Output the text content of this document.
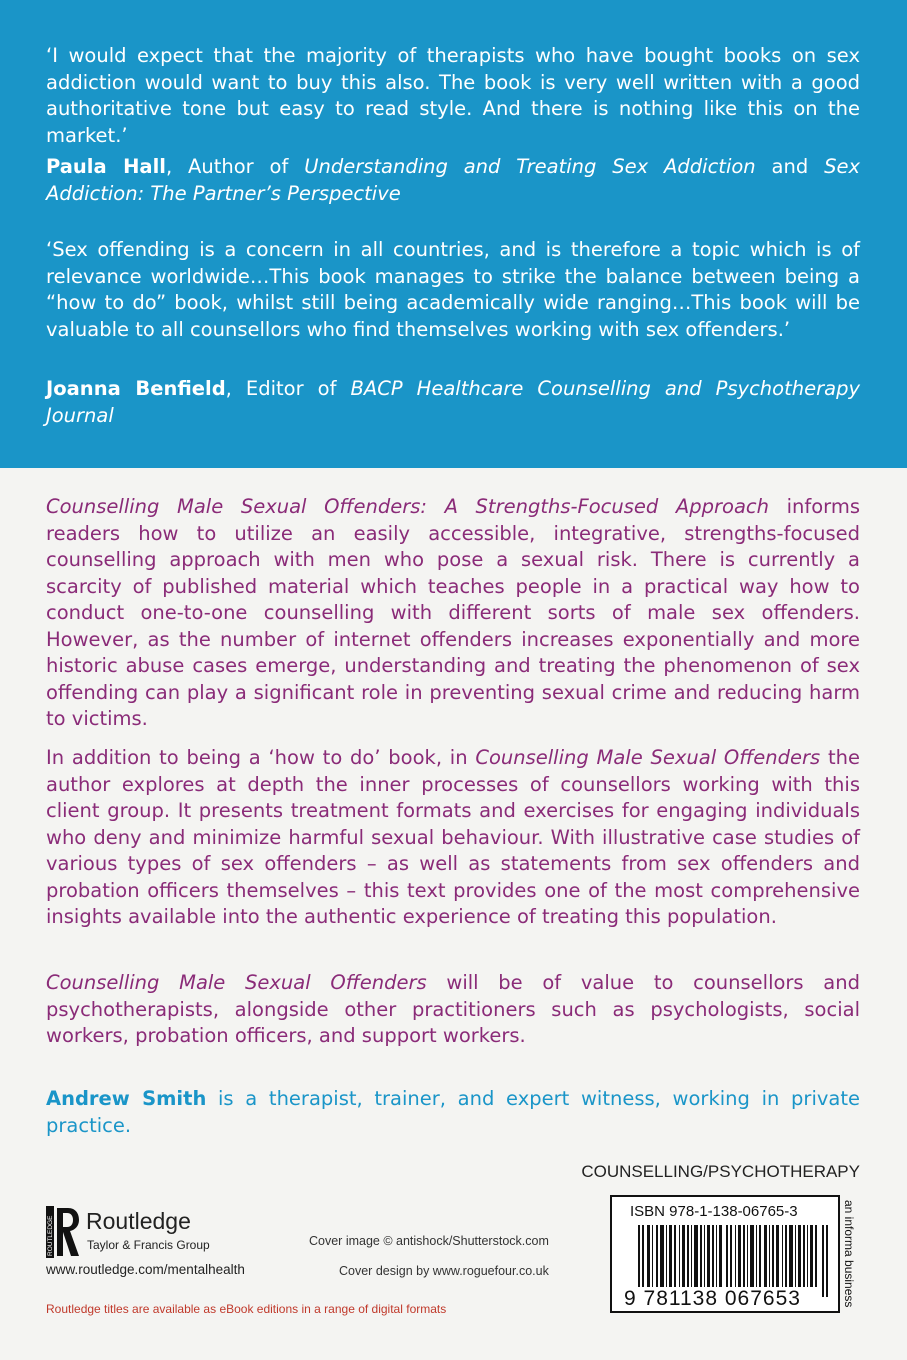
‘I would expect that the majority of therapists who have bought books on sex addiction would want to buy this also. The book is very well written with a good authoritative tone but easy to read style. And there is nothing like this on the market.’
Paula Hall, Author of Understanding and Treating Sex Addiction and Sex Addiction: The Partner’s Perspective
‘Sex offending is a concern in all countries, and is therefore a topic which is of relevance worldwide…This book manages to strike the balance between being a “how to do” book, whilst still being academically wide ranging…This book will be valuable to all counsellors who find themselves working with sex offenders.’
Joanna Benfield, Editor of BACP Healthcare Counselling and Psychotherapy Journal
Counselling Male Sexual Offenders: A Strengths-Focused Approach informs readers how to utilize an easily accessible, integrative, strengths-focused counselling approach with men who pose a sexual risk. There is currently a scarcity of published material which teaches people in a practical way how to conduct one-to-one counselling with different sorts of male sex offenders. However, as the number of internet offenders increases exponentially and more historic abuse cases emerge, understanding and treating the phenomenon of sex offending can play a significant role in preventing sexual crime and reducing harm to victims.
In addition to being a ‘how to do’ book, in Counselling Male Sexual Offenders the author explores at depth the inner processes of counsellors working with this client group. It presents treatment formats and exercises for engaging individuals who deny and minimize harmful sexual behaviour. With illustrative case studies of various types of sex offenders – as well as statements from sex offenders and probation officers themselves – this text provides one of the most comprehensive insights available into the authentic experience of treating this population.
Counselling Male Sexual Offenders will be of value to counsellors and psychotherapists, alongside other practitioners such as psychologists, social workers, probation officers, and support workers.
Andrew Smith is a therapist, trainer, and expert witness, working in private practice.
COUNSELLING/PSYCHOTHERAPY
ROUTLEDGE Routledge
Taylor & Francis Group
www.routledge.com/mentalhealth
Cover image © antishock/Shutterstock.com
Cover design by www.roguefour.co.uk
Routledge titles are available as eBook editions in a range of digital formats
ISBN 978-1-138-06765-3
9 781138 067653	an informa business
